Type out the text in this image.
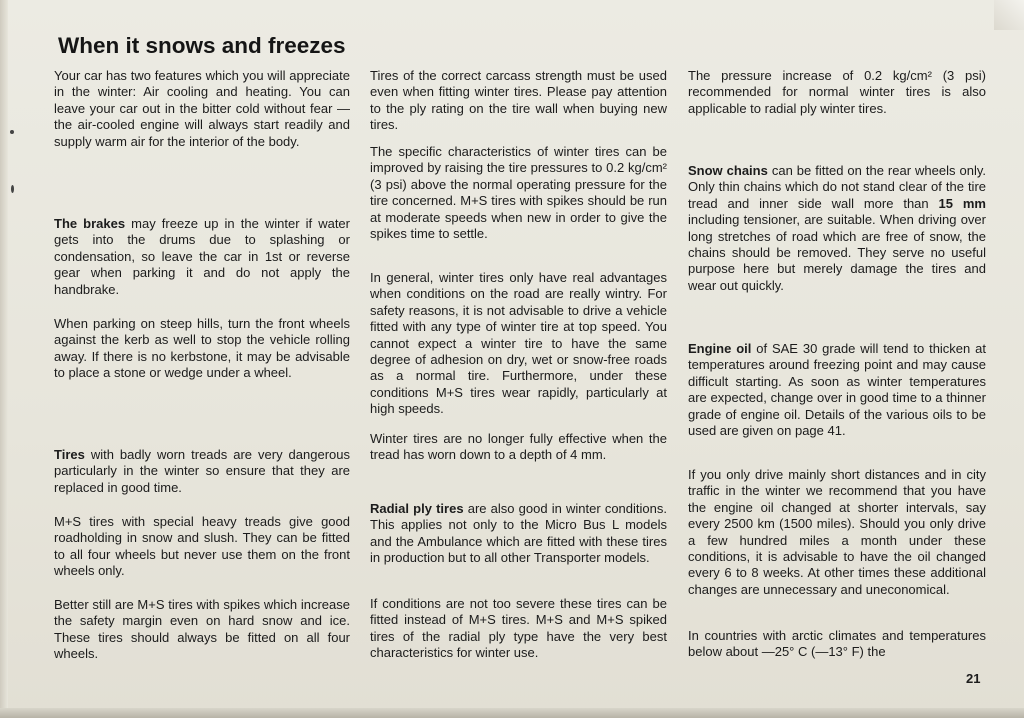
When it snows and freezes

Your car has two features which you will appreciate in the winter: Air cooling and heating. You can leave your car out in the bitter cold without fear — the air-cooled engine will always start readily and supply warm air for the interior of the body.

The brakes may freeze up in the winter if water gets into the drums due to splashing or condensation, so leave the car in 1st or reverse gear when parking it and do not apply the handbrake.

When parking on steep hills, turn the front wheels against the kerb as well to stop the vehicle rolling away. If there is no kerbstone, it may be advisable to place a stone or wedge under a wheel.

Tires with badly worn treads are very dangerous particularly in the winter so ensure that they are replaced in good time.

M+S tires with special heavy treads give good roadholding in snow and slush. They can be fitted to all four wheels but never use them on the front wheels only.

Better still are M+S tires with spikes which increase the safety margin even on hard snow and ice. These tires should always be fitted on all four wheels.

Tires of the correct carcass strength must be used even when fitting winter tires. Please pay attention to the ply rating on the tire wall when buying new tires.

The specific characteristics of winter tires can be improved by raising the tire pressures to 0.2 kg/cm² (3 psi) above the normal operating pressure for the tire concerned. M+S tires with spikes should be run at moderate speeds when new in order to give the spikes time to settle.

In general, winter tires only have real advantages when conditions on the road are really wintry. For safety reasons, it is not advisable to drive a vehicle fitted with any type of winter tire at top speed. You cannot expect a winter tire to have the same degree of adhesion on dry, wet or snow-free roads as a normal tire. Furthermore, under these conditions M+S tires wear rapidly, particularly at high speeds.

Winter tires are no longer fully effective when the tread has worn down to a depth of 4 mm.

Radial ply tires are also good in winter conditions. This applies not only to the Micro Bus L models and the Ambulance which are fitted with these tires in production but to all other Transporter models.

If conditions are not too severe these tires can be fitted instead of M+S tires. M+S and M+S spiked tires of the radial ply type have the very best characteristics for winter use.

The pressure increase of 0.2 kg/cm² (3 psi) recommended for normal winter tires is also applicable to radial ply winter tires.

Snow chains can be fitted on the rear wheels only. Only thin chains which do not stand clear of the tire tread and inner side wall more than 15 mm including tensioner, are suitable. When driving over long stretches of road which are free of snow, the chains should be removed. They serve no useful purpose here but merely damage the tires and wear out quickly.

Engine oil of SAE 30 grade will tend to thicken at temperatures around freezing point and may cause difficult starting. As soon as winter temperatures are expected, change over in good time to a thinner grade of engine oil. Details of the various oils to be used are given on page 41.

If you only drive mainly short distances and in city traffic in the winter we recommend that you have the engine oil changed at shorter intervals, say every 2500 km (1500 miles). Should you only drive a few hundred miles a month under these conditions, it is advisable to have the oil changed every 6 to 8 weeks. At other times these additional changes are unnecessary and uneconomical.

In countries with arctic climates and temperatures below about —25° C (—13° F) the

21
